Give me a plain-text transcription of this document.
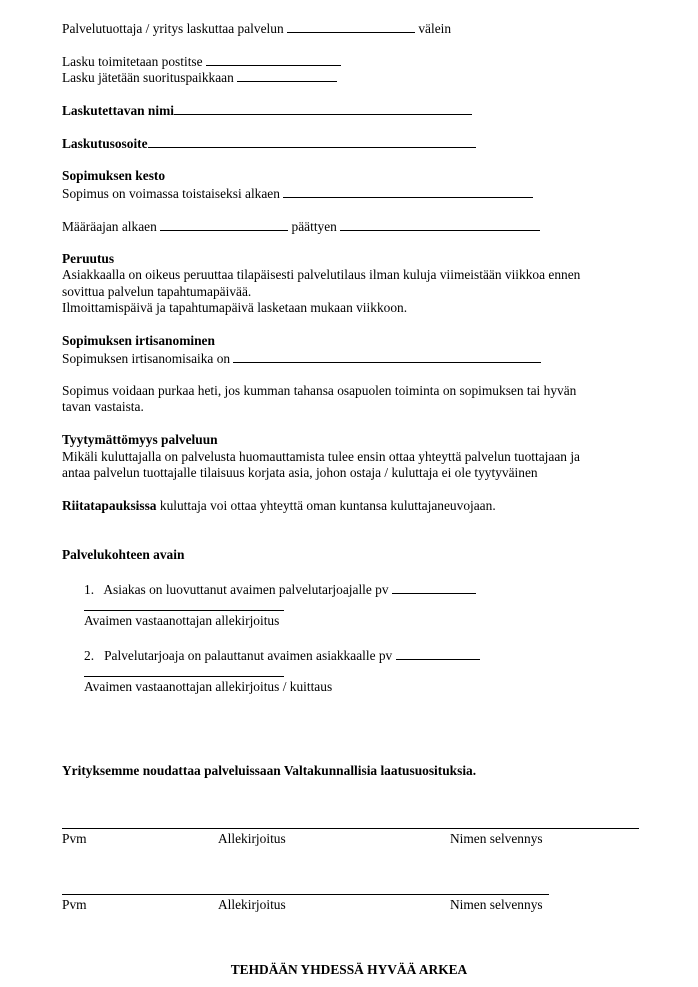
Palvelutuottaja / yritys laskuttaa palvelun	välein
Lasku toimitetaan postitse
Lasku jätetään suorituspaikkaan
Laskutettavan nimi
Laskutusosoite
Sopimuksen kesto
Sopimus on voimassa toistaiseksi alkaen
Määräajan alkaen	päättyen
Peruutus
Asiakkaalla on oikeus peruuttaa tilapäisesti palvelutilaus ilman kuluja viimeistään viikkoa ennen
sovittua palvelun tapahtumapäivää.
Ilmoittamispäivä ja tapahtumapäivä lasketaan mukaan viikkoon.
Sopimuksen irtisanominen
Sopimuksen irtisanomisaika on
Sopimus voidaan purkaa heti, jos kumman tahansa osapuolen toiminta on sopimuksen tai hyvän
tavan vastaista.
Tyytymättömyys palveluun
Mikäli kuluttajalla on palvelusta huomauttamista tulee ensin ottaa yhteyttä palvelun tuottajaan ja
antaa palvelun tuottajalle tilaisuus korjata asia, johon ostaja / kuluttaja ei ole tyytyväinen
Riitatapauksissa kuluttaja voi ottaa yhteyttä oman kuntansa kuluttajaneuvojaan.
Palvelukohteen avain
1. Asiakas on luovuttanut avaimen palvelutarjoajalle pv
Avaimen vastaanottajan allekirjoitus
2. Palvelutarjoaja on palauttanut avaimen asiakkaalle pv
Avaimen vastaanottajan allekirjoitus / kuittaus
Yrityksemme noudattaa palveluissaan Valtakunnallisia laatusuosituksia.
Pvm	Allekirjoitus	Nimen selvennys
Pvm	Allekirjoitus	Nimen selvennys
TEHDÄÄN YHDESSÄ HYVÄÄ ARKEA
